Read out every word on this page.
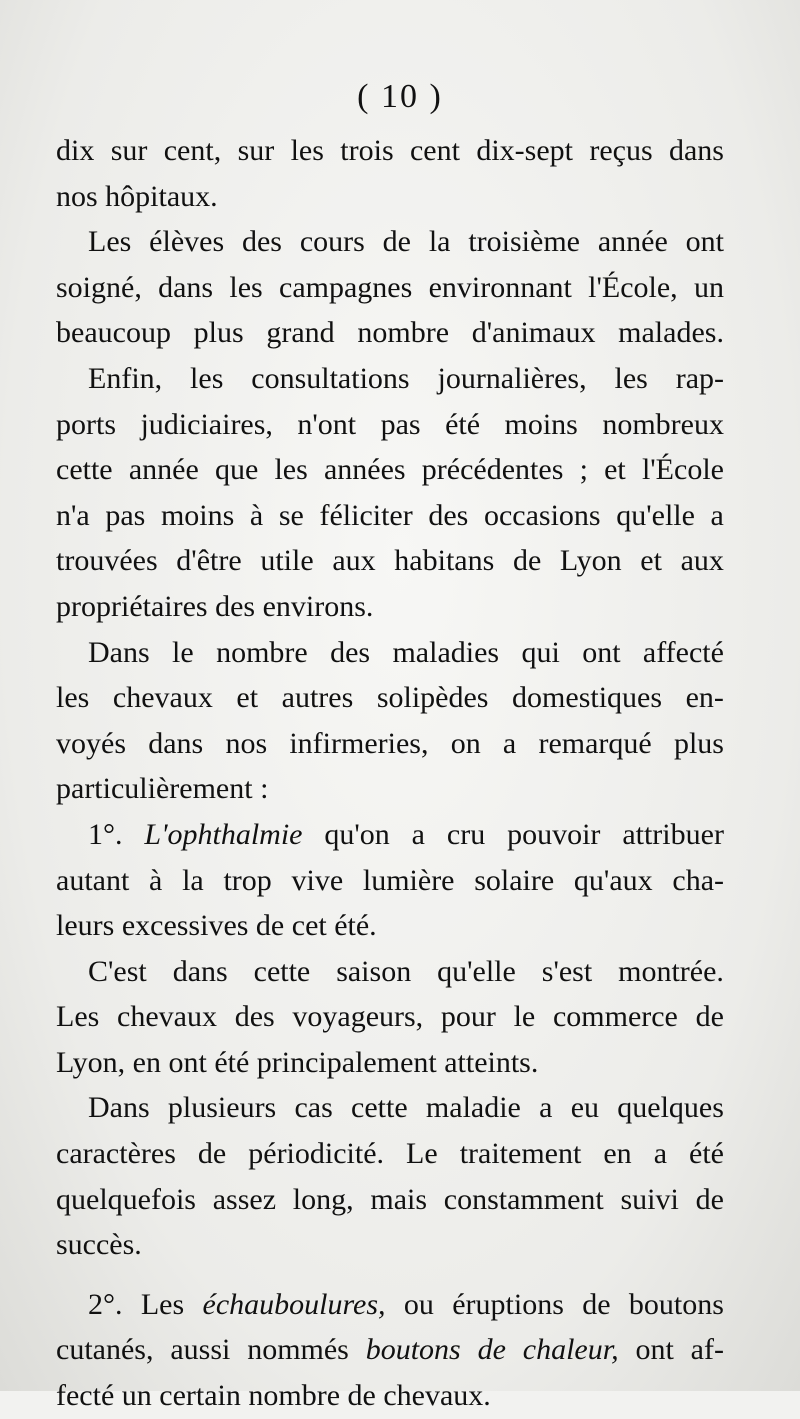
( 10 )
dix sur cent, sur les trois cent dix-sept reçus dans
nos hôpitaux.
Les élèves des cours de la troisième année ont
soigné, dans les campagnes environnant l'École, un
beaucoup plus grand nombre d'animaux malades.
Enfin, les consultations journalières, les rap-
ports judiciaires, n'ont pas été moins nombreux
cette année que les années précédentes ; et l'École
n'a pas moins à se féliciter des occasions qu'elle a
trouvées d'être utile aux habitans de Lyon et aux
propriétaires des environs.
Dans le nombre des maladies qui ont affecté
les chevaux et autres solipèdes domestiques en-
voyés dans nos infirmeries, on a remarqué plus
particulièrement :
1°. L'ophthalmie qu'on a cru pouvoir attribuer
autant à la trop vive lumière solaire qu'aux cha-
leurs excessives de cet été.
C'est dans cette saison qu'elle s'est montrée.
Les chevaux des voyageurs, pour le commerce de
Lyon, en ont été principalement atteints.
Dans plusieurs cas cette maladie a eu quelques
caractères de périodicité. Le traitement en a été
quelquefois assez long, mais constamment suivi de
succès.
2°. Les échauboulures, ou éruptions de boutons
cutanés, aussi nommés boutons de chaleur, ont af-
fecté un certain nombre de chevaux.
